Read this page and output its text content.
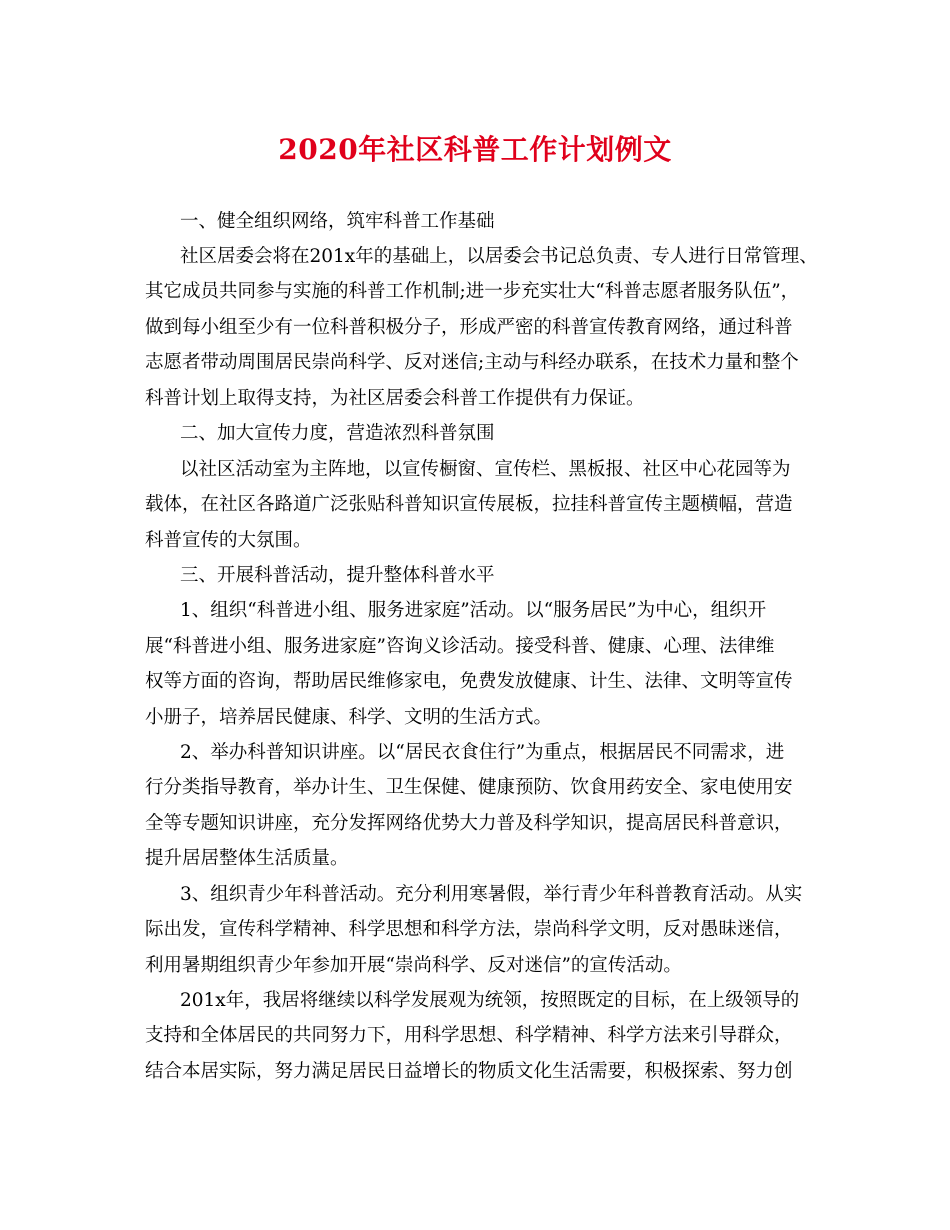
2020年社区科普工作计划例文
一、健全组织网络，筑牢科普工作基础
社区居委会将在201x年的基础上，以居委会书记总负责、专人进行日常管理、
其它成员共同参与实施的科普工作机制;进一步充实壮大“科普志愿者服务队伍”，
做到每小组至少有一位科普积极分子，形成严密的科普宣传教育网络，通过科普
志愿者带动周围居民崇尚科学、反对迷信;主动与科经办联系，在技术力量和整个
科普计划上取得支持，为社区居委会科普工作提供有力保证。
二、加大宣传力度，营造浓烈科普氛围
以社区活动室为主阵地，以宣传橱窗、宣传栏、黑板报、社区中心花园等为
载体，在社区各路道广泛张贴科普知识宣传展板，拉挂科普宣传主题横幅，营造
科普宣传的大氛围。
三、开展科普活动，提升整体科普水平
1、组织“科普进小组、服务进家庭”活动。以“服务居民”为中心，组织开
展“科普进小组、服务进家庭”咨询义诊活动。接受科普、健康、心理、法律维
权等方面的咨询，帮助居民维修家电，免费发放健康、计生、法律、文明等宣传
小册子，培养居民健康、科学、文明的生活方式。
2、举办科普知识讲座。以“居民衣食住行”为重点，根据居民不同需求，进
行分类指导教育，举办计生、卫生保健、健康预防、饮食用药安全、家电使用安
全等专题知识讲座，充分发挥网络优势大力普及科学知识，提高居民科普意识，
提升居居整体生活质量。
3、组织青少年科普活动。充分利用寒暑假，举行青少年科普教育活动。从实
际出发，宣传科学精神、科学思想和科学方法，崇尚科学文明，反对愚昧迷信，
利用暑期组织青少年参加开展“崇尚科学、反对迷信”的宣传活动。
201x年，我居将继续以科学发展观为统领，按照既定的目标，在上级领导的
支持和全体居民的共同努力下，用科学思想、科学精神、科学方法来引导群众，
结合本居实际，努力满足居民日益增长的物质文化生活需要，积极探索、努力创
